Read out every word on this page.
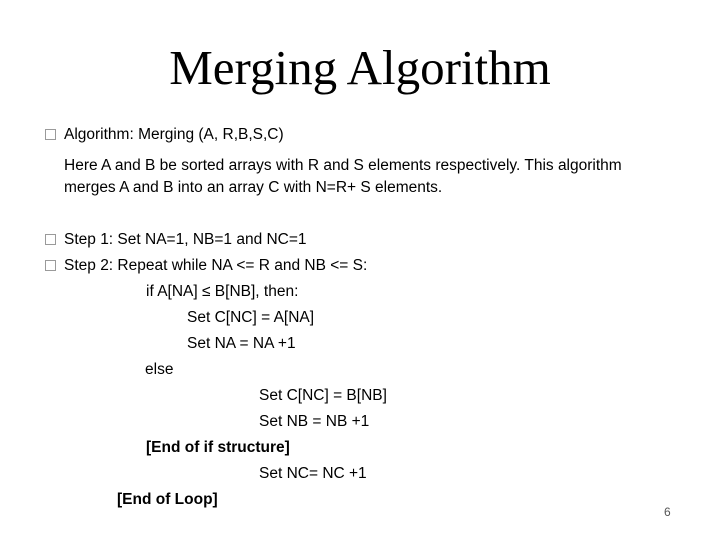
Merging Algorithm
Algorithm: Merging (A, R,B,S,C)
Here A and B be sorted arrays with R and S elements respectively. This algorithm
merges A and B into an array C with N=R+ S elements.
Step 1: Set NA=1, NB=1 and NC=1
Step 2: Repeat while NA <= R and NB <= S:
if A[NA] ≤ B[NB], then:
Set C[NC] = A[NA]
Set NA = NA +1
else
Set C[NC] = B[NB]
Set NB = NB +1
[End of if structure]
Set NC= NC +1
[End of Loop]
6
